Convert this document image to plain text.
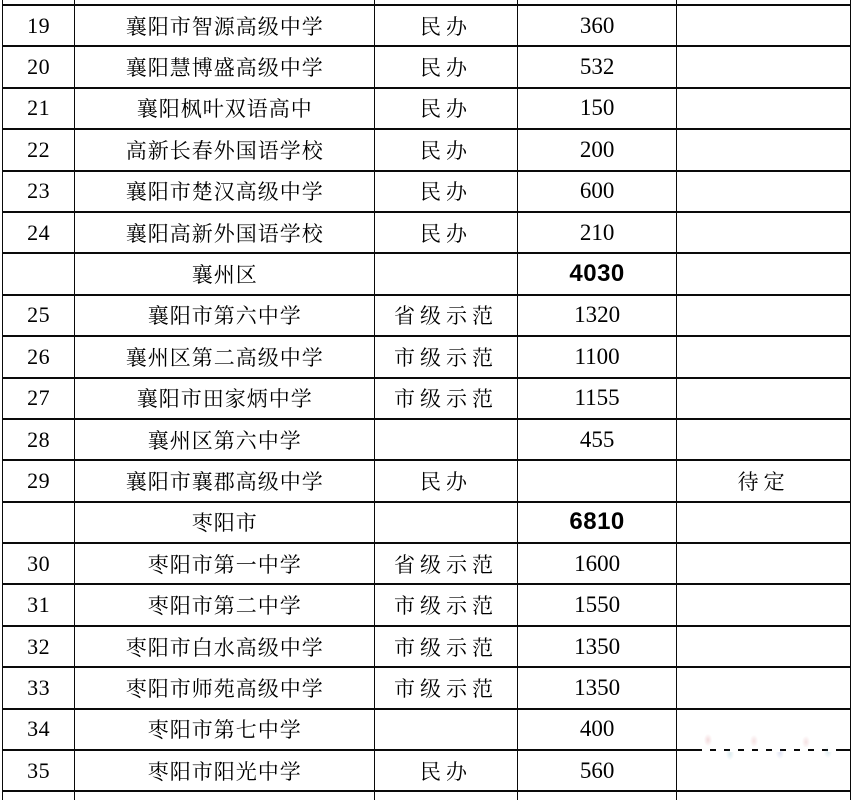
19	襄阳市智源高级中学	民办	360	
20	襄阳慧博盛高级中学	民办	532	
21	襄阳枫叶双语高中	民办	150	
22	高新长春外国语学校	民办	200	
23	襄阳市楚汉高级中学	民办	600	
24	襄阳高新外国语学校	民办	210	
	襄州区		4030	
25	襄阳市第六中学	省级示范	1320	
26	襄州区第二高级中学	市级示范	1100	
27	襄阳市田家炳中学	市级示范	1155	
28	襄州区第六中学		455	
29	襄阳市襄郡高级中学	民办		待定
	枣阳市		6810	
30	枣阳市第一中学	省级示范	1600	
31	枣阳市第二中学	市级示范	1550	
32	枣阳市白水高级中学	市级示范	1350	
33	枣阳市师苑高级中学	市级示范	1350	
34	枣阳市第七中学		400	
35	枣阳市阳光中学	民办	560	
